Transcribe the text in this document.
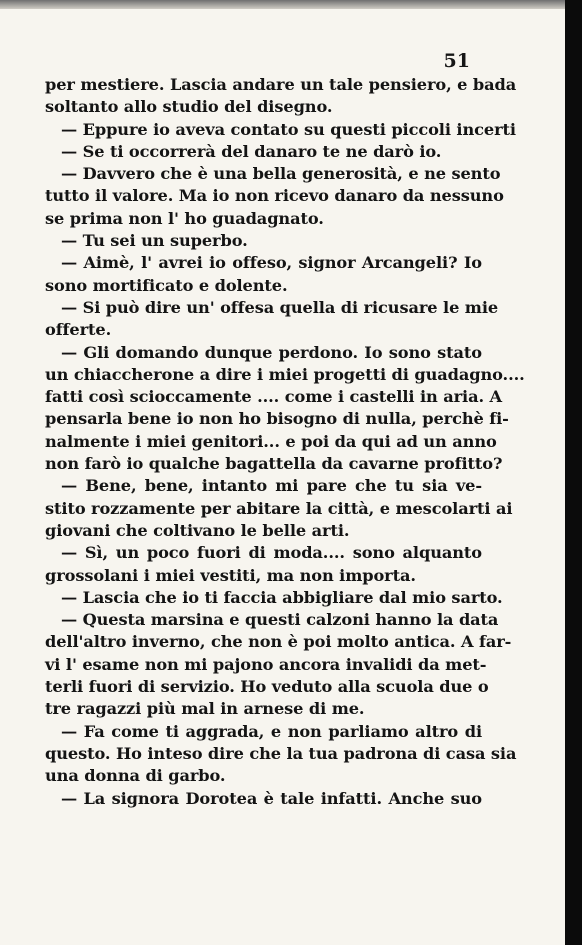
51
per mestiere. Lascia andare un tale pensiero, e bada
soltanto allo studio del disegno.
— Eppure io aveva contato su questi piccoli incerti
— Se ti occorrerà del danaro te ne darò io.
— Davvero che è una bella generosità, e ne sento
tutto il valore. Ma io non ricevo danaro da nessuno
se prima non l' ho guadagnato.
— Tu sei un superbo.
— Aimè, l' avrei io offeso, signor Arcangeli? Io
sono mortificato e dolente.
— Si può dire un' offesa quella di ricusare le mie
offerte.
— Gli domando dunque perdono. Io sono stato
un chiaccherone a dire i miei progetti di guadagno....
fatti così scioccamente .... come i castelli in aria. A
pensarla bene io non ho bisogno di nulla, perchè fi-
nalmente i miei genitori... e poi da qui ad un anno
non farò io qualche bagattella da cavarne profitto?
— Bene, bene, intanto mi pare che tu sia ve-
stito rozzamente per abitare la città, e mescolarti ai
giovani che coltivano le belle arti.
— Sì, un poco fuori di moda.... sono alquanto
grossolani i miei vestiti, ma non importa.
— Lascia che io ti faccia abbigliare dal mio sarto.
— Questa marsina e questi calzoni hanno la data
dell'altro inverno, che non è poi molto antica. A far-
vi l' esame non mi pajono ancora invalidi da met-
terli fuori di servizio. Ho veduto alla scuola due o
tre ragazzi più mal in arnese di me.
— Fa come ti aggrada, e non parliamo altro di
questo. Ho inteso dire che la tua padrona di casa sia
una donna di garbo.
— La signora Dorotea è tale infatti. Anche suo
